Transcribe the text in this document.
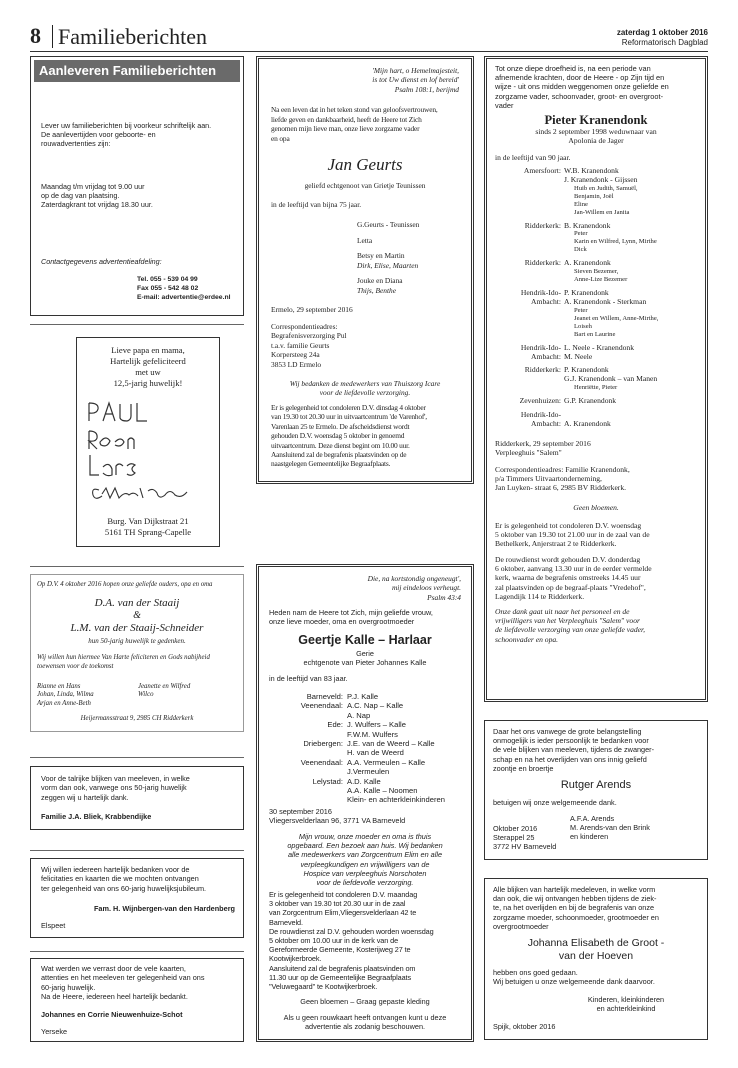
8 Familieberichten	zaterdag 1 oktober 2016
Reformatorisch Dagblad
Aanleveren Familieberichten
Lever uw familieberichten bij voorkeur schriftelijk aan.
De aanlevertijden voor geboorte- en
rouwadvertenties zijn:
Maandag t/m vrijdag tot 9.00 uur
op de dag van plaatsing.
Zaterdagkrant tot vrijdag 18.30 uur.
Contactgegevens advertentieafdeling:
Tel. 055 - 539 04 99
Fax 055 - 542 48 02
E-mail: advertentie@erdee.nl
Lieve papa en mama,
Hartelijk gefeliciteerd
met uw
12,5-jarig huwelijk!
Burg. Van Dijkstraat 21
5161 TH Sprang-Capelle
Op D.V. 4 oktober 2016 hopen onze geliefde ouders, opa en oma
D.A. van der Staaij
&
L.M. van der Staaij-Schneider
hun 50-jarig huwelijk te gedenken.
Wij willen hun hiermee Van Harte feliciteren en Gods nabijheid
toewensen voor de toekomst
Rianne en Hans
Johan, Linda, Wilma
Arjan en Anne-Beth
Jeanette en Wilfred
Wilco
Heijermansstraat 9, 2985 CH Ridderkerk
Voor de talrijke blijken van meeleven, in welke
vorm dan ook, vanwege ons 50-jarig huwelijk
zeggen wij u hartelijk dank.
Familie J.A. Bliek, Krabbendijke
Wij willen iedereen hartelijk bedanken voor de
felicitaties en kaarten die we mochten ontvangen
ter gelegenheid van ons 60-jarig huwelijksjubileum.
Fam. H. Wijnbergen-van den Hardenberg
Elspeet
Wat werden we verrast door de vele kaarten,
attenties en het meeleven ter gelegenheid van ons
60-jarig huwelijk.
Na de Heere, iedereen heel hartelijk bedankt.
Johannes en Corrie Nieuwenhuize-Schot
Yerseke
'Mijn hart, o Hemelmajesteit,
is tot Uw dienst en lof bereid'
Psalm 108:1, berijmd
Na een leven dat in het teken stond van geloofsvertrouwen,
liefde geven en dankbaarheid, heeft de Heere tot Zich
genomen mijn lieve man, onze lieve zorgzame vader
en opa
Jan Geurts
geliefd echtgenoot van Grietje Teunissen
in de leeftijd van bijna 75 jaar.
G.Geurts - Teunissen
Letta
Betsy en Martin
Dirk, Elise, Maarten
Jouke en Diana
Thijs, Benthe
Ermelo, 29 september 2016
Correspondentieadres:
Begrafenisverzorging Pul
t.a.v. familie Geurts
Korpersteeg 24a
3853 LD Ermelo
Wij bedanken de medewerkers van Thuiszorg Icare
voor de liefdevolle verzorging.
Er is gelegenheid tot condoleren D.V. dinsdag 4 oktober
van 19.30 tot 20.30 uur in uitvaartcentrum 'de Varenhof',
Varenlaan 25 te Ermelo. De afscheidsdienst wordt
gehouden D.V. woensdag 5 oktober in genoemd
uitvaartcentrum. Deze dienst begint om 10.00 uur.
Aansluitend zal de begrafenis plaatsvinden op de
naastgelegen Gemeentelijke Begraafplaats.
Die, na kortstondig ongeneugt',
mij eindeloos verheugt.
Psalm 43:4
Heden nam de Heere tot Zich, mijn geliefde vrouw,
onze lieve moeder, oma en overgrootmoeder
Geertje Kalle – Harlaar
Gerie
echtgenote van Pieter Johannes Kalle
in de leeftijd van 83 jaar.
Barneveld: P.J. Kalle
Veenendaal: A.C. Nap – Kalle
A. Nap
Ede: J. Wulfers – Kalle
F.W.M. Wulfers
Driebergen: J.E. van de Weerd – Kalle
H. van de Weerd
Veenendaal: A.A. Vermeulen – Kalle
J.Vermeulen
Lelystad: A.D. Kalle
A.A. Kalle – Noomen
Klein- en achterkleinkinderen
30 september 2016
Vliegersvelderlaan 96, 3771 VA Barneveld
Mijn vrouw, onze moeder en oma is thuis
opgebaard. Een bezoek aan huis. Wij bedanken
alle medewerkers van Zorgcentrum Elim en alle
verpleegkundigen en vrijwilligers van de
Hospice van verpleeghuis Norschoten
voor de liefdevolle verzorging.
Er is gelegenheid tot condoleren D.V. maandag
3 oktober van 19.30 tot 20.30 uur in de zaal
van Zorgcentrum Elim,Vliegersvelderlaan 42 te
Barneveld.
De rouwdienst zal D.V. gehouden worden woensdag
5 oktober om 10.00 uur in de kerk van de
Gereformeerde Gemeente, Kosterijweg 27 te
Kootwijkerbroek.
Aansluitend zal de begrafenis plaatsvinden om
11.30 uur op de Gemeentelijke Begraafplaats
"Veluwegaard" te Kootwijkerbroek.
Geen bloemen – Graag gepaste kleding
Als u geen rouwkaart heeft ontvangen kunt u deze
advertentie als zodanig beschouwen.
Tot onze diepe droefheid is, na een periode van
afnemende krachten, door de Heere - op Zijn tijd en
wijze - uit ons midden weggenomen onze geliefde en
zorgzame vader, schoonvader, groot- en overgroot-
vader
Pieter Kranendonk
sinds 2 september 1998 weduwnaar van
Apolonia de Jager
in de leeftijd van 90 jaar.
Amersfoort: W.B. Kranendonk
J. Kranendonk - Gijssen
Huib en Judith, Samuël,
Benjamin, Joël
Eline
Jan-Willem en Janita
Ridderkerk: B. Kranendonk
Peter
Karin en Wilfred, Lynn, Mirthe
Dick
Ridderkerk: A. Kranendonk
Sieven Bezemer,
Anne-Lize Bezemer
Hendrik-Ido-
Ambacht:
P. Kranendonk
A. Kranendonk - Sterkman
Peter
Jeanet en Willem, Anne-Mirthe,
Loiseh
Bart en Laurine
Hendrik-Ido-
Ambacht:
L. Neele - Kranendonk
M. Neele
Ridderkerk: P. Kranendonk
G.J. Kranendonk – van Manen
Henriëtte, Pieter
Zevenhuizen: G.P. Kranendonk
Hendrik-Ido-
Ambacht: A. Kranendonk
Ridderkerk, 29 september 2016
Verpleeghuis "Salem"
Correspondentieadres: Familie Kranendonk,
p/a Timmers Uitvaartonderneming,
Jan Luyken- straat 6, 2985 BV Ridderkerk.
Geen bloemen.
Er is gelegenheid tot condoleren D.V. woensdag
5 oktober van 19.30 tot 21.00 uur in de zaal van de
Bethelkerk, Anjerstraat 2 te Ridderkerk.
De rouwdienst wordt gehouden D.V. donderdag
6 oktober, aanvang 13.30 uur in de eerder vermelde
kerk, waarna de begrafenis omstreeks 14.45 uur
zal plaatsvinden op de begraaf-plaats "Vredehof",
Lagendijk 114 te Ridderkerk.
Onze dank gaat uit naar het personeel en de
vrijwilligers van het Verpleeghuis "Salem" voor
de liefdevolle verzorging van onze geliefde vader,
schoonvader en opa.
Daar het ons vanwege de grote belangstelling
onmogelijk is ieder persoonlijk te bedanken voor
de vele blijken van meeleven, tijdens de zwanger-
schap en na het overlijden van ons innig geliefd
zoontje en broertje
Rutger Arends
betuigen wij onze welgemeende dank.
A.F.A. Arends
M. Arends-van den Brink
en kinderen
Oktober 2016
Sterappel 25
3772 HV Barneveld
Alle blijken van hartelijk medeleven, in welke vorm
dan ook, die wij ontvangen hebben tijdens de ziek-
te, na het overlijden en bij de begrafenis van onze
zorgzame moeder, schoonmoeder, grootmoeder en
overgrootmoeder
Johanna Elisabeth de Groot -
van der Hoeven
hebben ons goed gedaan.
Wij betuigen u onze welgemeende dank daarvoor.
Kinderen, kleinkinderen
en achterkleinkind
Spijk, oktober 2016
